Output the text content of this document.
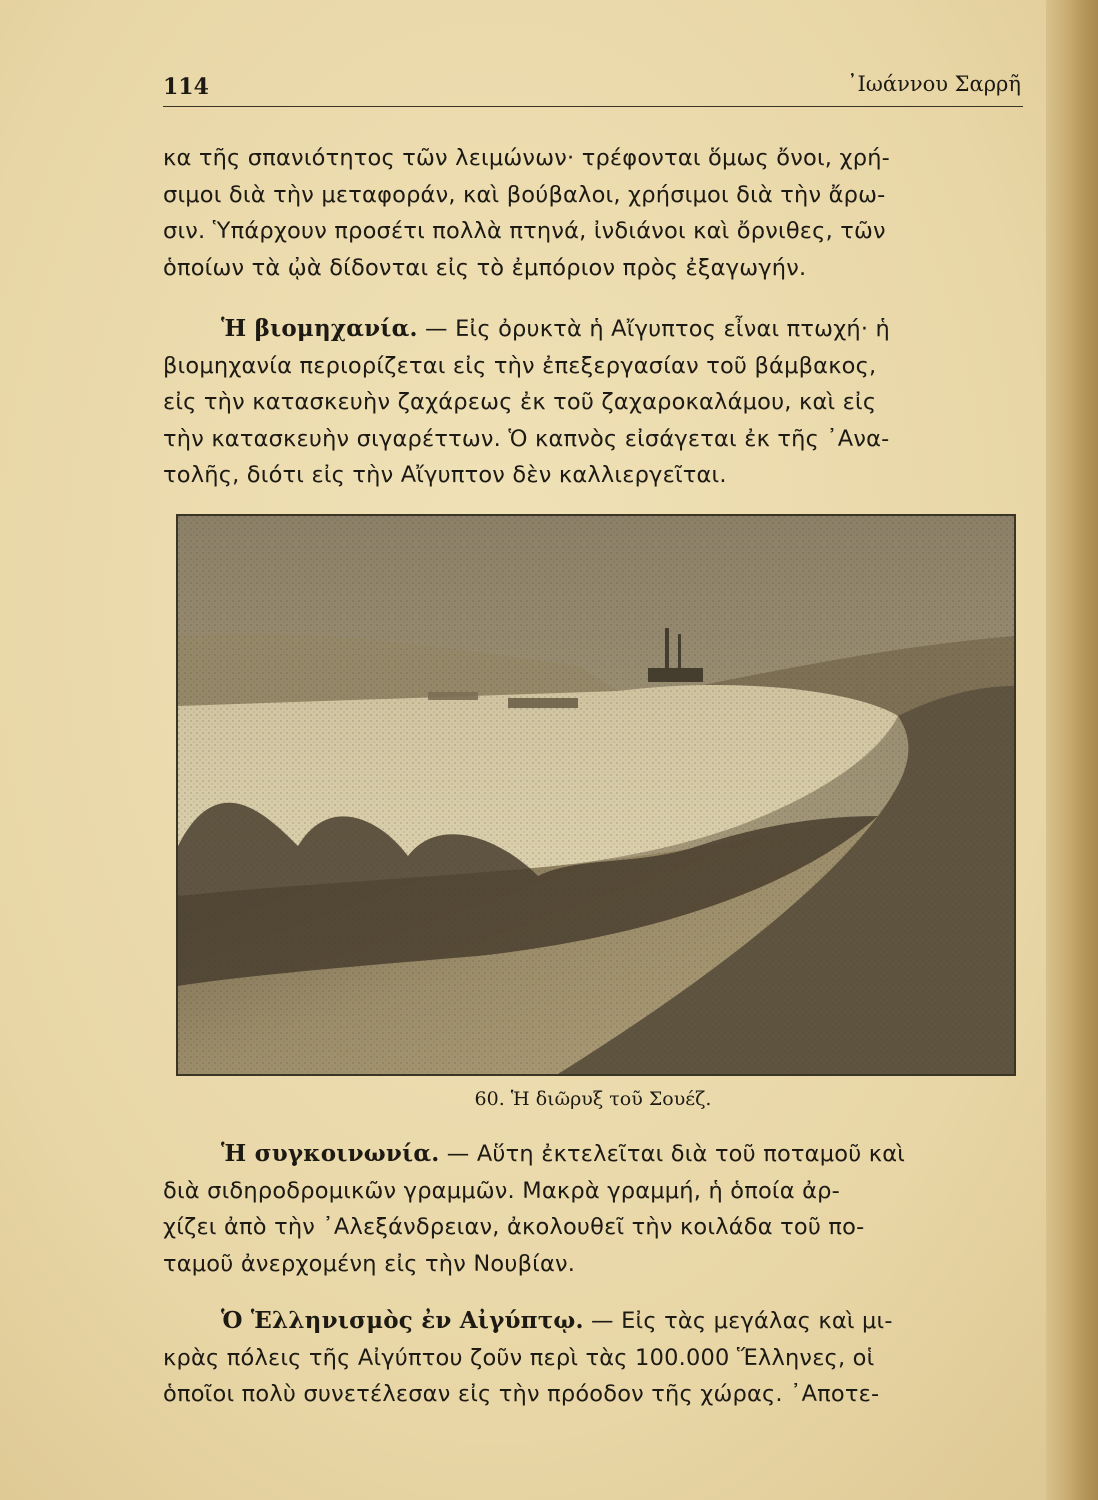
114	᾿Ιωάννου Σαρρῆ

κα τῆς σπανιότητος τῶν λειμώνων· τρέφονται ὅμως ὄνοι, χρή-

σιμοι διὰ τὴν μεταφοράν, καὶ βούβαλοι, χρήσιμοι διὰ τὴν ἄρω-

σιν. Ὑπάρχουν προσέτι πολλὰ πτηνά, ἰνδιάνοι καὶ ὄρνιθες, τῶν

ὁποίων τὰ ᾠὰ δίδονται εἰς τὸ ἐμπόριον πρὸς ἐξαγωγήν.

Ἡ βιομηχανία. — Εἰς ὀρυκτὰ ἡ Αἴγυπτος εἶναι πτωχή· ἡ

βιομηχανία περιορίζεται εἰς τὴν ἐπεξεργασίαν τοῦ βάμβακος,

εἰς τὴν κατασκευὴν ζαχάρεως ἐκ τοῦ ζαχαροκαλάμου, καὶ εἰς

τὴν κατασκευὴν σιγαρέττων. Ὁ καπνὸς εἰσάγεται ἐκ τῆς ᾿Ανα-

τολῆς, διότι εἰς τὴν Αἴγυπτον δὲν καλλιεργεῖται.

60. Ἡ διῶρυξ τοῦ Σουέζ.

Ἡ συγκοινωνία. — Αὕτη ἐκτελεῖται διὰ τοῦ ποταμοῦ καὶ

διὰ σιδηροδρομικῶν γραμμῶν. Μακρὰ γραμμή, ἡ ὁποία ἀρ-

χίζει ἀπὸ τὴν ᾿Αλεξάνδρειαν, ἀκολουθεῖ τὴν κοιλάδα τοῦ πο-

ταμοῦ ἀνερχομένη εἰς τὴν Νουβίαν.

Ὁ Ἑλληνισμὸς ἐν Αἰγύπτῳ. — Εἰς τὰς μεγάλας καὶ μι-

κρὰς πόλεις τῆς Αἰγύπτου ζοῦν περὶ τὰς 100.000 Ἕλληνες, οἱ

ὁποῖοι πολὺ συνετέλεσαν εἰς τὴν πρόοδον τῆς χώρας. ᾿Αποτε-
